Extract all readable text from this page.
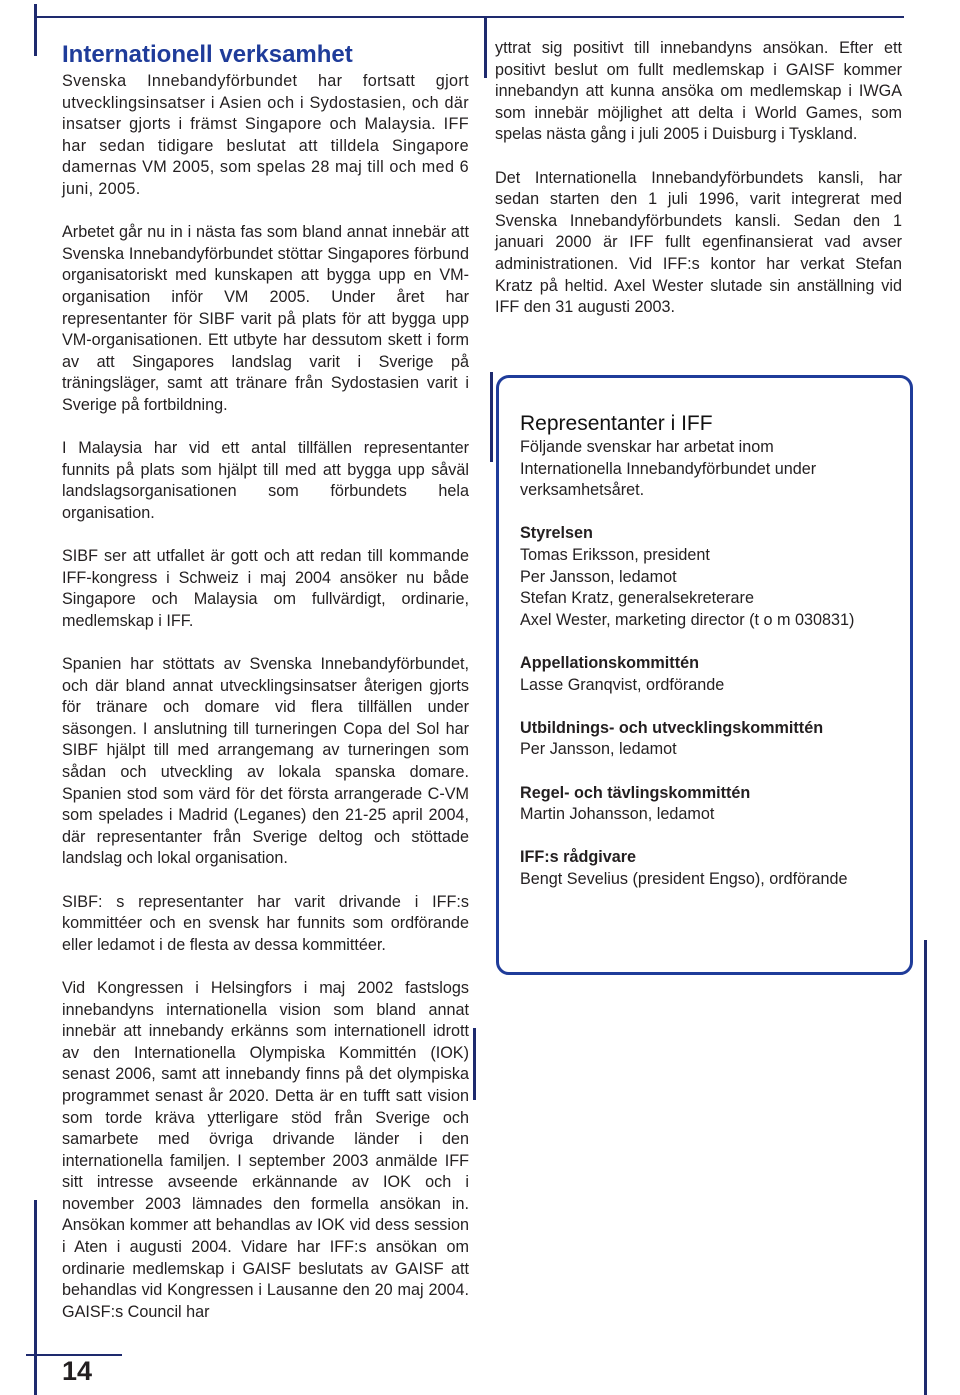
Internationell verksamhet

Svenska Innebandyförbundet har fortsatt gjort utvecklingsinsatser i Asien och i Sydostasien, och där insatser gjorts i främst Singapore och Malaysia. IFF har sedan tidigare beslutat att tilldela Singapore damernas VM 2005, som spelas 28 maj till och med 6 juni, 2005.

Arbetet går nu in i nästa fas som bland annat innebär att Svenska Innebandyförbundet stöttar Singapores förbund organisatoriskt med kunskapen att bygga upp en VM-organisation inför VM 2005. Under året har representanter för SIBF varit på plats för att bygga upp VM-organisationen. Ett utbyte har dessutom skett i form av att Singapores landslag varit i Sverige på träningsläger, samt att tränare från Sydostasien varit i Sverige på fortbildning.

I Malaysia har vid ett antal tillfällen representanter funnits på plats som hjälpt till med att bygga upp såväl landslagsorganisationen som förbundets hela organisation.

SIBF ser att utfallet är gott och att redan till kommande IFF-kongress i Schweiz i maj 2004 ansöker nu både Singapore och Malaysia om fullvärdigt, ordinarie, medlemskap i IFF.

Spanien har stöttats av Svenska Innebandyförbundet, och där bland annat utvecklingsinsatser återigen gjorts för tränare och domare vid flera tillfällen under säsongen. I anslutning till turneringen Copa del Sol har SIBF hjälpt till med arrangemang av turneringen som sådan och utveckling av lokala spanska domare. Spanien stod som värd för det första arrangerade C-VM som spelades i Madrid (Leganes) den 21-25 april 2004, där representanter från Sverige deltog och stöttade landslag och lokal organisation.

SIBF: s representanter har varit drivande i IFF:s kommittéer och en svensk har funnits som ordförande eller ledamot i de flesta av dessa kommittéer.

Vid Kongressen i Helsingfors i maj 2002 fastslogs innebandyns internationella vision som bland annat innebär att innebandy erkänns som internationell idrott av den Internationella Olympiska Kommittén (IOK) senast 2006, samt att innebandy finns på det olympiska programmet senast år 2020. Detta är en tufft satt vision som torde kräva ytterligare stöd från Sverige och samarbete med övriga drivande länder i den internationella familjen. I september 2003 anmälde IFF sitt intresse avseende erkännande av IOK och i november 2003 lämnades den formella ansökan in. Ansökan kommer att behandlas av IOK vid dess session i Aten i augusti 2004. Vidare har IFF:s ansökan om ordinarie medlemskap i GAISF beslutats av GAISF att behandlas vid Kongressen i Lausanne den 20 maj 2004. GAISF:s Council har

yttrat sig positivt till innebandyns ansökan. Efter ett positivt beslut om fullt medlemskap i GAISF kommer innebandyn att kunna ansöka om medlemskap i IWGA som innebär möjlighet att delta i World Games, som spelas nästa gång i juli 2005 i Duisburg i Tyskland.

Det Internationella Innebandyförbundets kansli, har sedan starten den 1 juli 1996, varit integrerat med Svenska Innebandyförbundets kansli. Sedan den 1 januari 2000 är IFF fullt egenfinansierat vad avser administrationen. Vid IFF:s kontor har verkat Stefan Kratz på heltid. Axel Wester slutade sin anställning vid IFF den 31 augusti 2003.

Representanter i IFF

Följande svenskar har arbetat inom Internationella Innebandyförbundet under verksamhetsåret.

Styrelsen
Tomas Eriksson, president
Per Jansson, ledamot
Stefan Kratz, generalsekreterare
Axel Wester, marketing director (t o m 030831)
Appellationskommittén
Lasse Granqvist, ordförande
Utbildnings- och utvecklingskommittén
Per Jansson, ledamot
Regel- och tävlingskommittén
Martin Johansson, ledamot
IFF:s rådgivare
Bengt Sevelius (president Engso), ordförande
14
